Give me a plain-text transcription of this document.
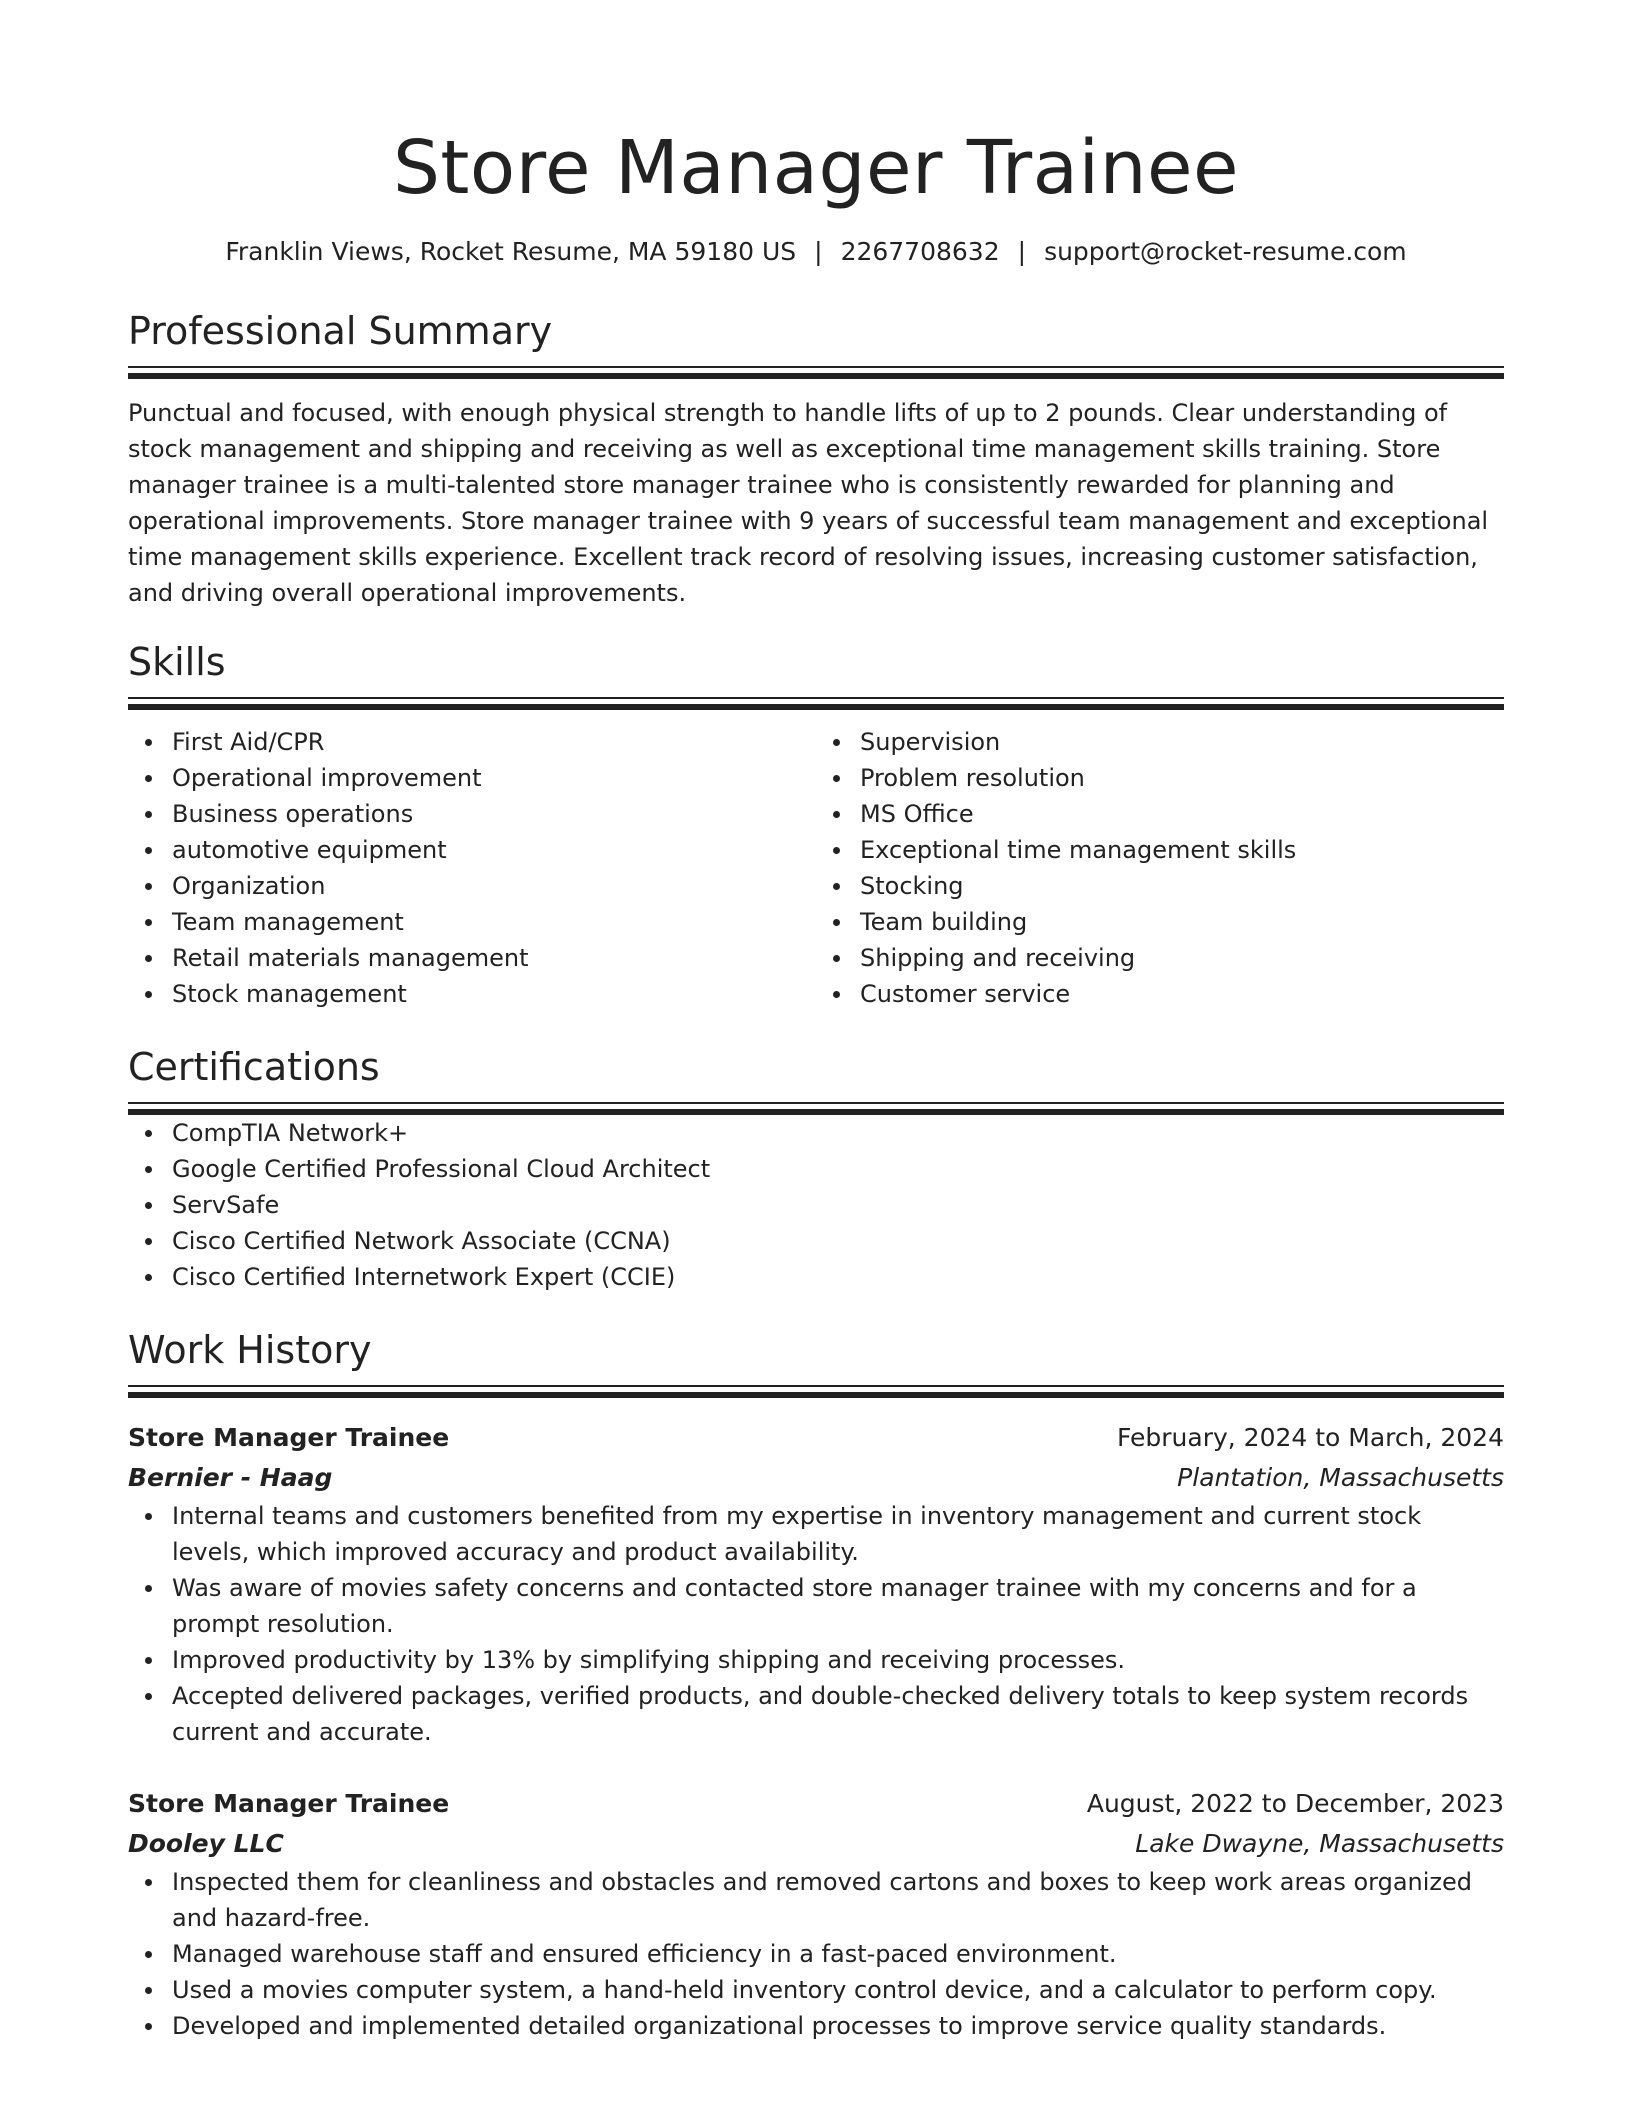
Store Manager Trainee
Franklin Views, Rocket Resume, MA 59180 US | 2267708632 | support@rocket-resume.com
Professional Summary
Punctual and focused, with enough physical strength to handle lifts of up to 2 pounds. Clear understanding of stock management and shipping and receiving as well as exceptional time management skills training. Store manager trainee is a multi-talented store manager trainee who is consistently rewarded for planning and operational improvements. Store manager trainee with 9 years of successful team management and exceptional time management skills experience. Excellent track record of resolving issues, increasing customer satisfaction, and driving overall operational improvements.
Skills
First Aid/CPR
Operational improvement
Business operations
automotive equipment
Organization
Team management
Retail materials management
Stock management
Supervision
Problem resolution
MS Office
Exceptional time management skills
Stocking
Team building
Shipping and receiving
Customer service
Certifications
CompTIA Network+
Google Certified Professional Cloud Architect
ServSafe
Cisco Certified Network Associate (CCNA)
Cisco Certified Internetwork Expert (CCIE)
Work History
Store Manager Trainee	February, 2024 to March, 2024
Bernier - Haag	Plantation, Massachusetts
Internal teams and customers benefited from my expertise in inventory management and current stock levels, which improved accuracy and product availability.
Was aware of movies safety concerns and contacted store manager trainee with my concerns and for a prompt resolution.
Improved productivity by 13% by simplifying shipping and receiving processes.
Accepted delivered packages, verified products, and double-checked delivery totals to keep system records current and accurate.
Store Manager Trainee	August, 2022 to December, 2023
Dooley LLC	Lake Dwayne, Massachusetts
Inspected them for cleanliness and obstacles and removed cartons and boxes to keep work areas organized and hazard-free.
Managed warehouse staff and ensured efficiency in a fast-paced environment.
Used a movies computer system, a hand-held inventory control device, and a calculator to perform copy.
Developed and implemented detailed organizational processes to improve service quality standards.
